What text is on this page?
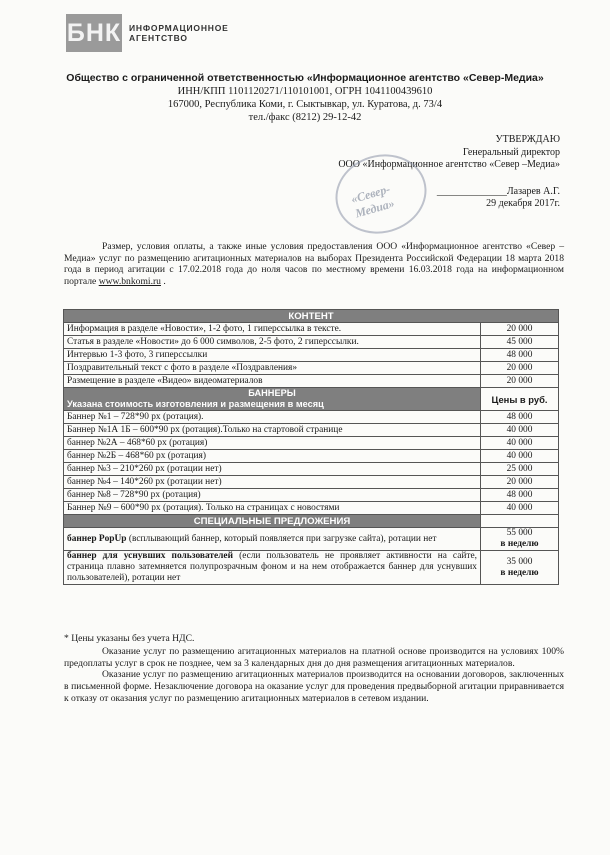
БНК ИНФОРМАЦИОННОЕ
АГЕНТСТВО
Общество с ограниченной ответственностью «Информационное агентство «Север-Медиа»
ИНН/КПП 1101120271/110101001, ОГРН 1041100439610
167000, Республика Коми, г. Сыктывкар, ул. Куратова, д. 73/4
тел./факс (8212) 29-12-42
УТВЕРЖДАЮ
Генеральный директор
ООО «Информационное агентство «Север –Медиа»
______________Лазарев А.Г.
29 декабря 2017г.
«Север-Медиа»
Размер, условия оплаты, а также иные условия предоставления ООО «Информационное агентство «Север – Медиа» услуг по размещению агитационных материалов на выборах Президента Российской Федерации 18 марта 2018 года в период агитации с 17.02.2018 года до ноля часов по местному времени 16.03.2018 года на информационном портале www.bnkomi.ru .
КОНТЕНТ	
Информация в разделе «Новости», 1-2 фото, 1 гиперссылка в тексте.	20 000
Статья в разделе «Новости» до 6 000 символов, 2-5 фото, 2 гиперссылки.	45 000
Интервью 1-3 фото, 3 гиперссылки	48 000
Поздравительный текст с фото в разделе «Поздравления»	20 000
Размещение в разделе «Видео» видеоматериалов	20 000

БАННЕРЫ
Указана стоимость изготовления и размещения в месяц	Цены в руб.
Баннер №1 – 728*90 px (ротация).	48 000
Баннер №1А 1Б – 600*90 px (ротация).Только на стартовой странице	40 000
баннер №2А – 468*60 px (ротация)	40 000
баннер №2Б – 468*60 px (ротация)	40 000
баннер №3 – 210*260 px (ротации нет)	25 000
баннер №4 – 140*260 px (ротации нет)	20 000
баннер №8 – 728*90 px (ротация)	48 000
Баннер №9 – 600*90 px (ротация). Только на страницах с новостями	40 000
СПЕЦИАЛЬНЫЕ ПРЕДЛОЖЕНИЯ	
баннер PopUp (всплывающий баннер, который появляется при загрузке сайта), ротации нет	55 000
в неделю

баннер для уснувших пользователей (если пользователь не проявляет активности на сайте, страница плавно затемняется полупрозрачным фоном и на нем отображается баннер для уснувших пользователей), ротации нет	35 000
в неделю
* Цены указаны без учета НДС.

Оказание услуг по размещению агитационных материалов на платной основе производится на условиях 100% предоплаты услуг в срок не позднее, чем за 3 календарных дня до дня размещения агитационных материалов.

Оказание услуг по размещению агитационных материалов производится на основании договоров, заключенных в письменной форме. Незаключение договора на оказание услуг для проведения предвыборной агитации приравнивается к отказу от оказания услуг по размещению агитационных материалов в сетевом издании.
